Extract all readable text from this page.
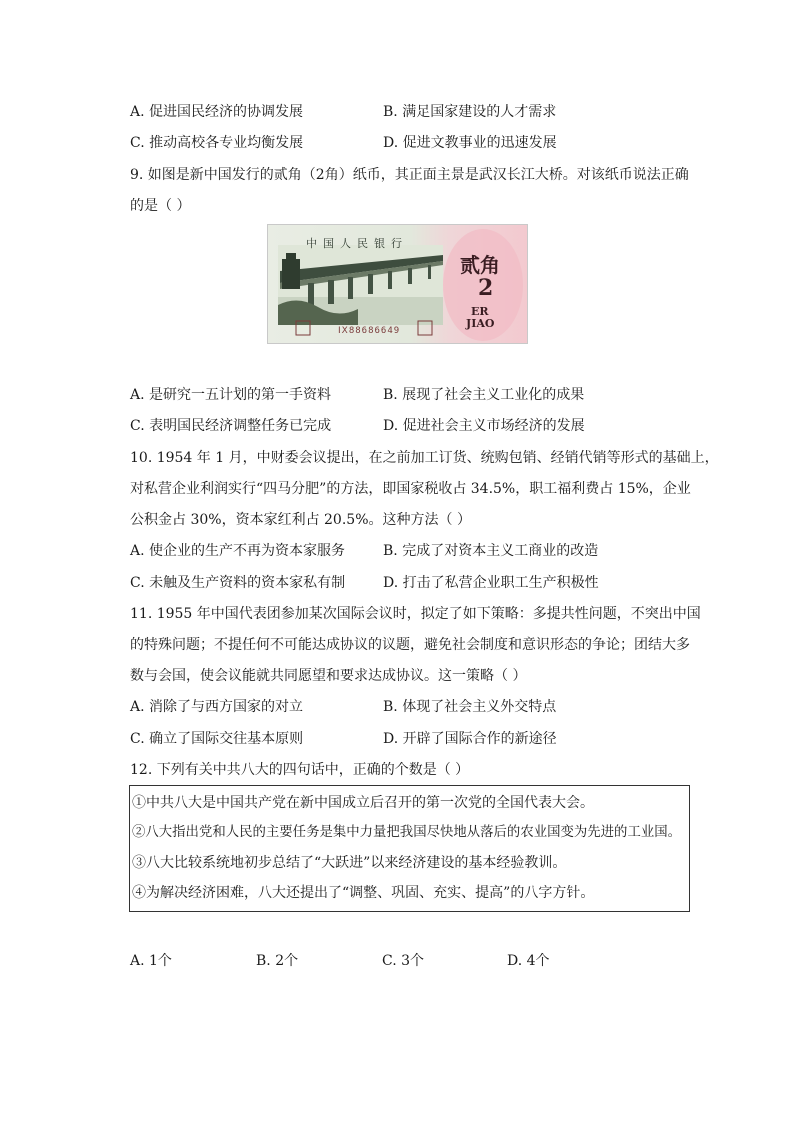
A. 促进国民经济的协调发展	B. 满足国家建设的人才需求
C. 推动高校各专业均衡发展	D. 促进文教事业的迅速发展
9. 如图是新中国发行的贰角（2角）纸币，其正面主景是武汉长江大桥。对该纸币说法正确
的是（ ）
中国人民银行
贰角
2
ER
JIAO
ⅠⅩ88686649
A. 是研究一五计划的第一手资料	B. 展现了社会主义工业化的成果
C. 表明国民经济调整任务已完成	D. 促进社会主义市场经济的发展
10. 1954 年 1 月，中财委会议提出，在之前加工订货、统购包销、经销代销等形式的基础上，
对私营企业利润实行“四马分肥”的方法，即国家税收占 34.5%，职工福利费占 15%，企业
公积金占 30%，资本家红利占 20.5%。这种方法（ ）
A. 使企业的生产不再为资本家服务	B. 完成了对资本主义工商业的改造
C. 未触及生产资料的资本家私有制	D. 打击了私营企业职工生产积极性
11. 1955 年中国代表团参加某次国际会议时，拟定了如下策略：多提共性问题，不突出中国
的特殊问题；不提任何不可能达成协议的议题，避免社会制度和意识形态的争论；团结大多
数与会国，使会议能就共同愿望和要求达成协议。这一策略（ ）
A. 消除了与西方国家的对立	B. 体现了社会主义外交特点
C. 确立了国际交往基本原则	D. 开辟了国际合作的新途径
12. 下列有关中共八大的四句话中，正确的个数是（ ）
①中共八大是中国共产党在新中国成立后召开的第一次党的全国代表大会。
②八大指出党和人民的主要任务是集中力量把我国尽快地从落后的农业国变为先进的工业国。
③八大比较系统地初步总结了“大跃进”以来经济建设的基本经验教训。
④为解决经济困难，八大还提出了“调整、巩固、充实、提高”的八字方针。
A. 1个	B. 2个	C. 3个	D. 4个
